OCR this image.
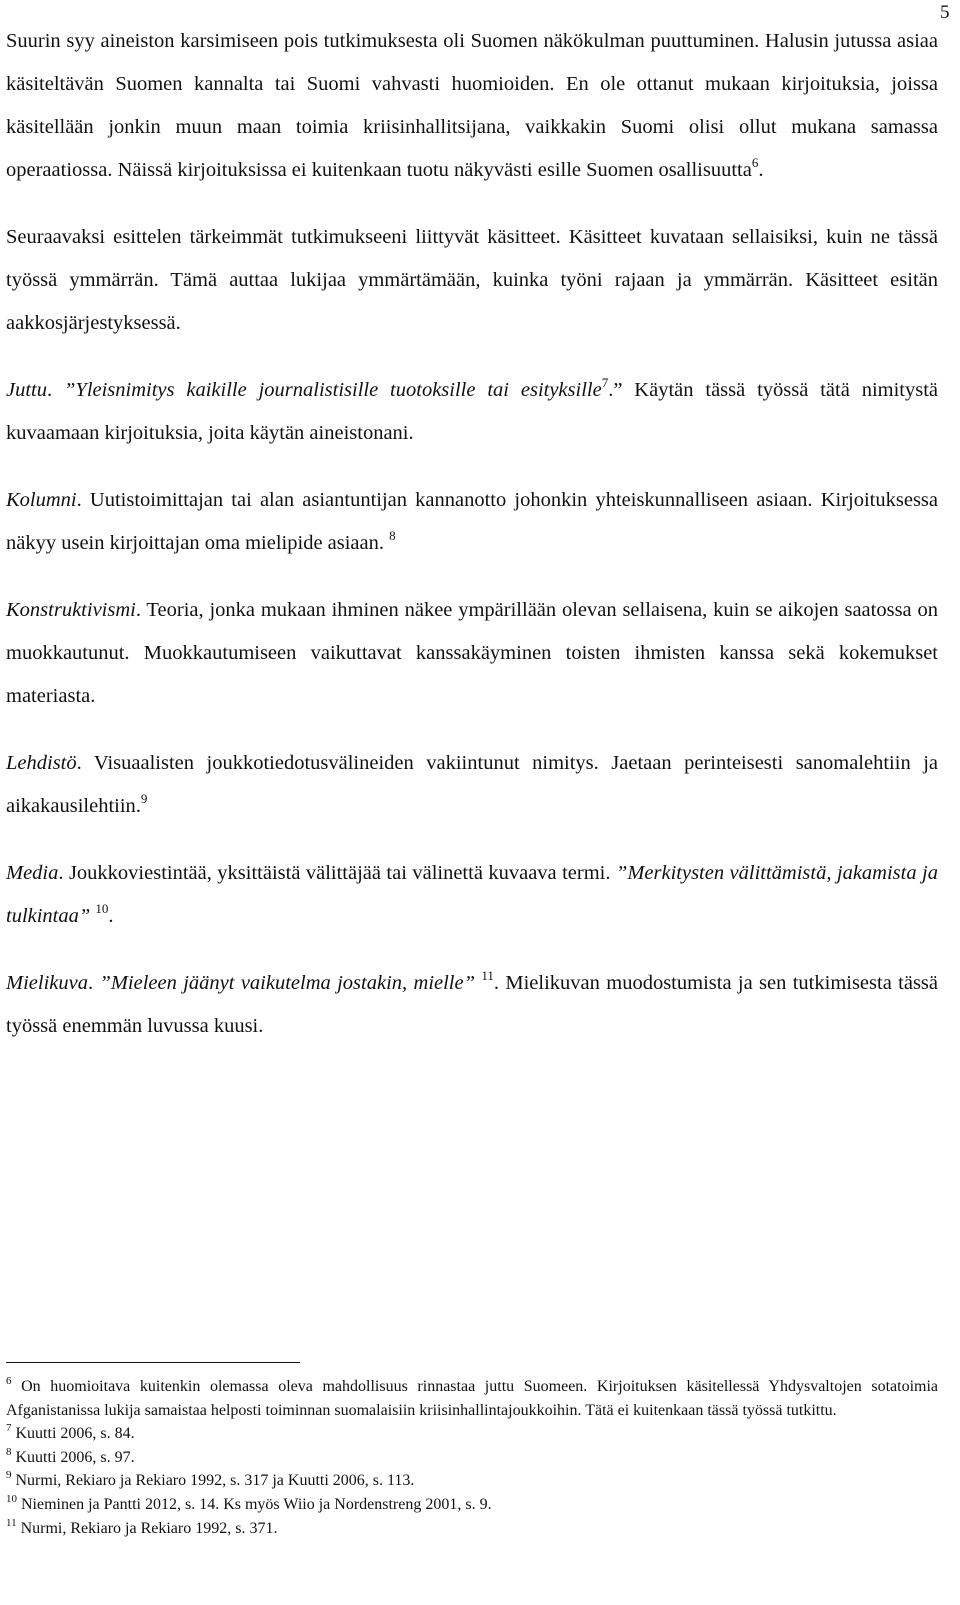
5

Suurin syy aineiston karsimiseen pois tutkimuksesta oli Suomen näkökulman puuttuminen. Halusin jutussa asiaa käsiteltävän Suomen kannalta tai Suomi vahvasti huomioiden. En ole ottanut mukaan kirjoituksia, joissa käsitellään jonkin muun maan toimia kriisinhallitsijana, vaikkakin Suomi olisi ollut mukana samassa operaatiossa. Näissä kirjoituksissa ei kuitenkaan tuotu näkyvästi esille Suomen osallisuutta$^6$.

Seuraavaksi esittelen tärkeimmät tutkimukseeni liittyvät käsitteet. Käsitteet kuvataan sellaisiksi, kuin ne tässä työssä ymmärrän. Tämä auttaa lukijaa ymmärtämään, kuinka työni rajaan ja ymmärrän. Käsitteet esitän aakkosjärjestyksessä.

Juttu. ”Yleisnimitys kaikille journalistisille tuotoksille tai esityksille$^7$.” Käytän tässä työssä tätä nimitystä kuvaamaan kirjoituksia, joita käytän aineistonani.

Kolumni. Uutistoimittajan tai alan asiantuntijan kannanotto johonkin yhteiskunnalliseen asiaan. Kirjoituksessa näkyy usein kirjoittajan oma mielipide asiaan. $^8$

Konstruktivismi. Teoria, jonka mukaan ihminen näkee ympärillään olevan sellaisena, kuin se aikojen saatossa on muokkautunut. Muokkautumiseen vaikuttavat kanssakäyminen toisten ihmisten kanssa sekä kokemukset materiasta.

Lehdistö. Visuaalisten joukkotiedotusvälineiden vakiintunut nimitys. Jaetaan perinteisesti sanomalehtiin ja aikakausilehtiin.$^9$

Media. Joukkoviestintää, yksittäistä välittäjää tai välinettä kuvaava termi. ”Merkitysten välittämistä, jakamista ja tulkintaa” $^{10}$.

Mielikuva. ”Mieleen jäänyt vaikutelma jostakin, mielle” $^{11}$. Mielikuvan muodostumista ja sen tutkimisesta tässä työssä enemmän luvussa kuusi.

$^6$ On huomioitava kuitenkin olemassa oleva mahdollisuus rinnastaa juttu Suomeen. Kirjoituksen käsitellessä Yhdysvaltojen sotatoimia Afganistanissa lukija samaistaa helposti toiminnan suomalaisiin kriisinhallintajoukkoihin. Tätä ei kuitenkaan tässä työssä tutkittu.

$^7$ Kuutti 2006, s. 84.

$^8$ Kuutti 2006, s. 97.

$^9$ Nurmi, Rekiaro ja Rekiaro 1992, s. 317 ja Kuutti 2006, s. 113.

$^{10}$ Nieminen ja Pantti 2012, s. 14. Ks myös Wiio ja Nordenstreng 2001, s. 9.

$^{11}$ Nurmi, Rekiaro ja Rekiaro 1992, s. 371.
